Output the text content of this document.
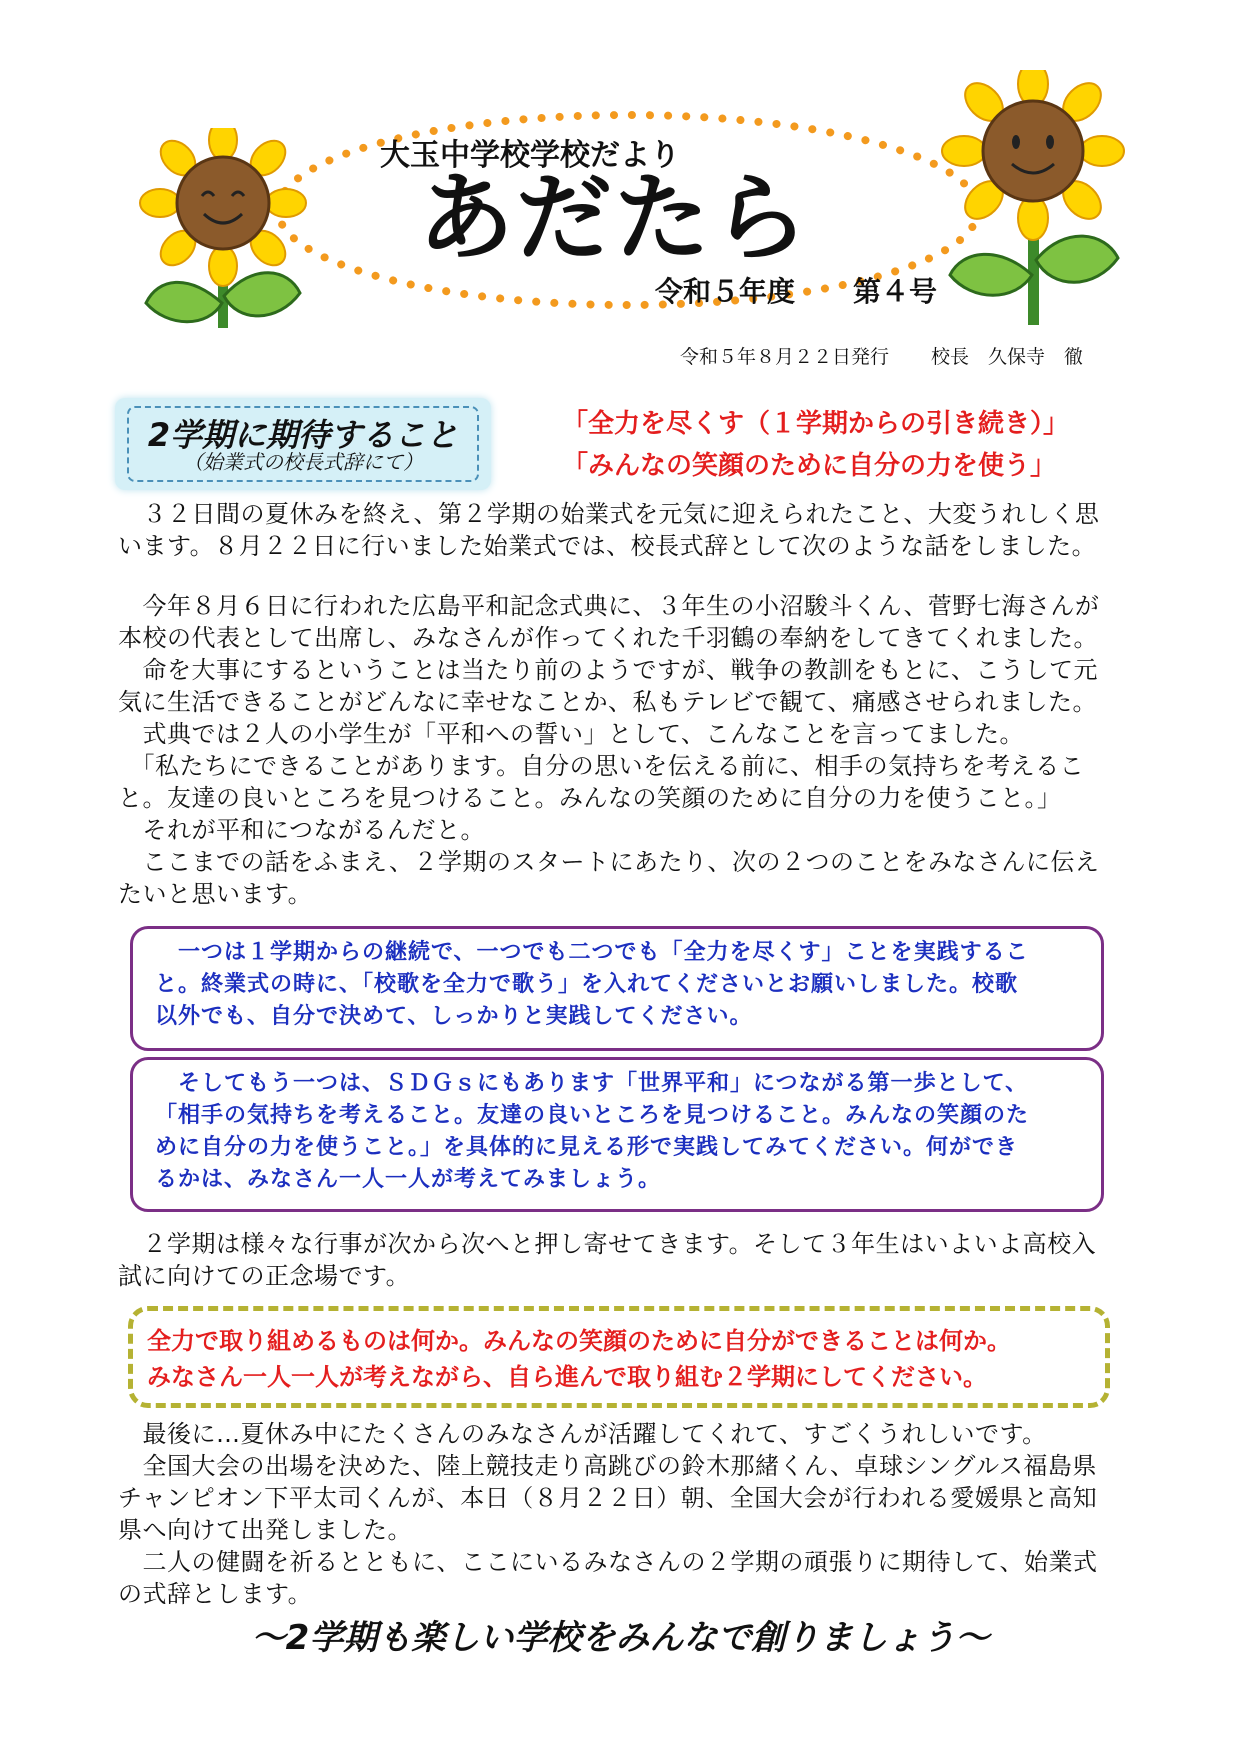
大玉中学校学校だより
あだたら
令和５年度 第４号
令和５年８月２２日発行 校長　久保寺　徹
2学期に期待すること
（始業式の校長式辞にて）
「全力を尽くす（１学期からの引き続き）」
「みんなの笑顔のために自分の力を使う」
　３２日間の夏休みを終え、第２学期の始業式を元気に迎えられたこと、大変うれしく思
います。８月２２日に行いました始業式では、校長式辞として次のような話をしました。
　今年８月６日に行われた広島平和記念式典に、３年生の小沼駿斗くん、菅野七海さんが
本校の代表として出席し、みなさんが作ってくれた千羽鶴の奉納をしてきてくれました。
　命を大事にするということは当たり前のようですが、戦争の教訓をもとに、こうして元
気に生活できることがどんなに幸せなことか、私もテレビで観て、痛感させられました。
　式典では２人の小学生が「平和への誓い」として、こんなことを言ってました。
　「私たちにできることがあります。自分の思いを伝える前に、相手の気持ちを考えるこ
と。友達の良いところを見つけること。みんなの笑顔のために自分の力を使うこと。」
　それが平和につながるんだと。
　ここまでの話をふまえ、２学期のスタートにあたり、次の２つのことをみなさんに伝え
たいと思います。
　一つは１学期からの継続で、一つでも二つでも「全力を尽くす」ことを実践するこ
と。終業式の時に、「校歌を全力で歌う」を入れてくださいとお願いしました。校歌
以外でも、自分で決めて、しっかりと実践してください。
　そしてもう一つは、ＳＤＧｓにもあります「世界平和」につながる第一歩として、
「相手の気持ちを考えること。友達の良いところを見つけること。みんなの笑顔のた
めに自分の力を使うこと。」を具体的に見える形で実践してみてください。何ができ
るかは、みなさん一人一人が考えてみましょう。
　２学期は様々な行事が次から次へと押し寄せてきます。そして３年生はいよいよ高校入
試に向けての正念場です。
全力で取り組めるものは何か。みんなの笑顔のために自分ができることは何か。
みなさん一人一人が考えながら、自ら進んで取り組む２学期にしてください。
　最後に…夏休み中にたくさんのみなさんが活躍してくれて、すごくうれしいです。
　全国大会の出場を決めた、陸上競技走り高跳びの鈴木那緒くん、卓球シングルス福島県
チャンピオン下平太司くんが、本日（８月２２日）朝、全国大会が行われる愛媛県と高知
県へ向けて出発しました。
　二人の健闘を祈るとともに、ここにいるみなさんの２学期の頑張りに期待して、始業式
の式辞とします。
～2学期も楽しい学校をみんなで創りましょう～
